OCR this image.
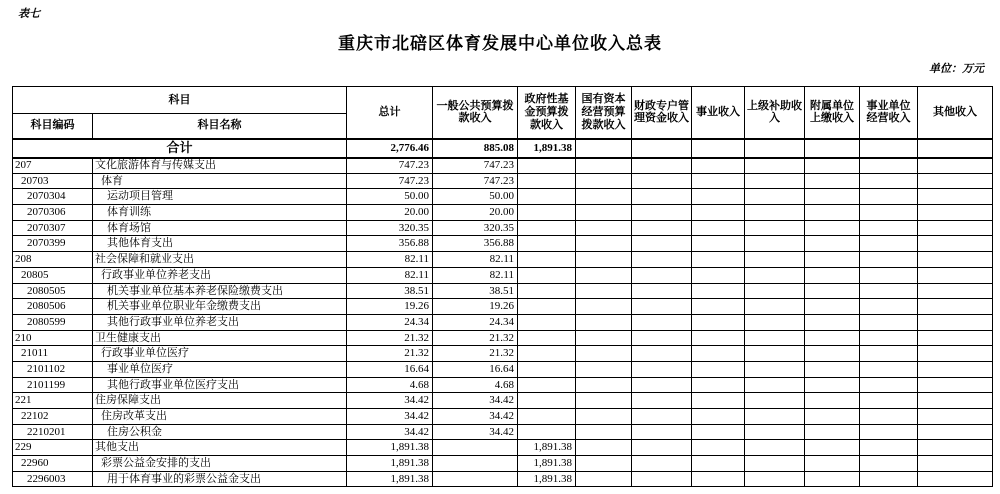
表七
重庆市北碚区体育发展中心单位收入总表
单位：万元
科目		总计	一般公共预算拨款收入	政府性基金预算拨款收入	国有资本经营预算拨款收入	财政专户管理资金收入	事业收入	上级补助收入	附属单位上缴收入	事业单位经营收入	其他收入
科目编码	科目名称										
合计		2,776.46	885.08	1,891.38							
207	文化旅游体育与传媒支出	747.23	747.23								
20703	体育	747.23	747.23								
2070304	运动项目管理	50.00	50.00								
2070306	体育训练	20.00	20.00								
2070307	体育场馆	320.35	320.35								
2070399	其他体育支出	356.88	356.88								
208	社会保障和就业支出	82.11	82.11								
20805	行政事业单位养老支出	82.11	82.11								
2080505	机关事业单位基本养老保险缴费支出	38.51	38.51								
2080506	机关事业单位职业年金缴费支出	19.26	19.26								
2080599	其他行政事业单位养老支出	24.34	24.34								
210	卫生健康支出	21.32	21.32								
21011	行政事业单位医疗	21.32	21.32								
2101102	事业单位医疗	16.64	16.64								
2101199	其他行政事业单位医疗支出	4.68	4.68								
221	住房保障支出	34.42	34.42								
22102	住房改革支出	34.42	34.42								
2210201	住房公积金	34.42	34.42								
229	其他支出	1,891.38		1,891.38							
22960	彩票公益金安排的支出	1,891.38		1,891.38							
2296003	用于体育事业的彩票公益金支出	1,891.38		1,891.38							
